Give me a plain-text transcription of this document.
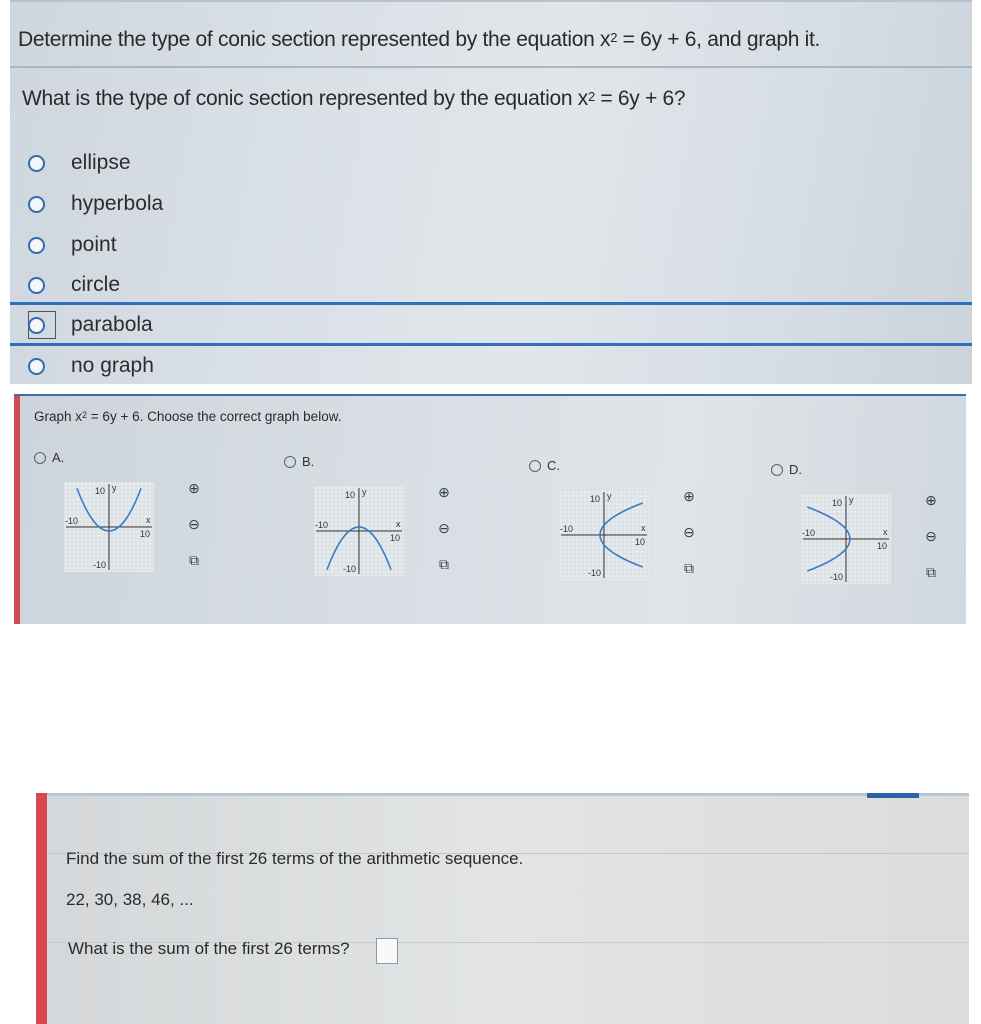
Determine the type of conic section represented by the equation $x^2 = 6y + 6$, and graph it.
What is the type of conic section represented by the equation $x^2 = 6y + 6$?
ellipse
hyperbola
point
circle
parabola
no graph
Graph $x^2 = 6y + 6$. Choose the correct graph below.
A.
10
-10
-10
10
x
y	⊕
⊖
⧉
B.
10
-10
-10
10
x
y	⊕
⊖
⧉
C.
10
-10
-10
10
x
y	⊕
⊖
⧉
D.
10
-10
-10
10
x
y	⊕
⊖
⧉
Find the sum of the first 26 terms of the arithmetic sequence.
22, 30, 38, 46, ...
What is the sum of the first 26 terms?
